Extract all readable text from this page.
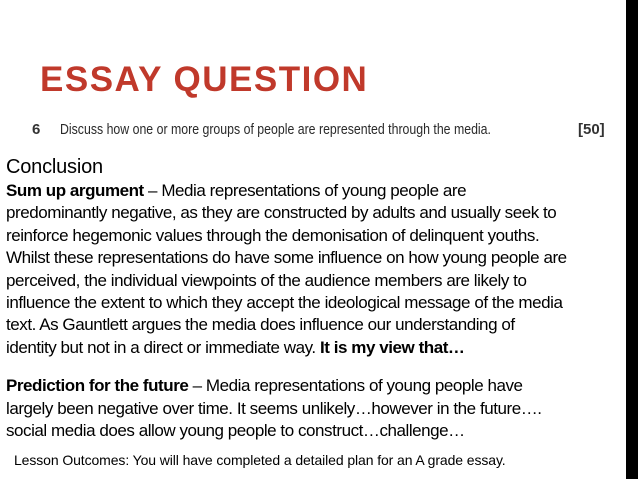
ESSAY QUESTION
6 Discuss how one or more groups of people are represented through the media.	[50]

Conclusion

Sum up argument – Media representations of young people are

predominantly negative, as they are constructed by adults and usually seek to

reinforce hegemonic values through the demonisation of delinquent youths.

Whilst these representations do have some influence on how young people are

perceived, the individual viewpoints of the audience members are likely to

influence the extent to which they accept the ideological message of the media

text. As Gauntlett argues the media does influence our understanding of

identity but not in a direct or immediate way. It is my view that…

Prediction for the future – Media representations of young people have

largely been negative over time. It seems unlikely…however in the future….

social media does allow young people to construct…challenge…

Lesson Outcomes: You will have completed a detailed plan for an A grade essay.
